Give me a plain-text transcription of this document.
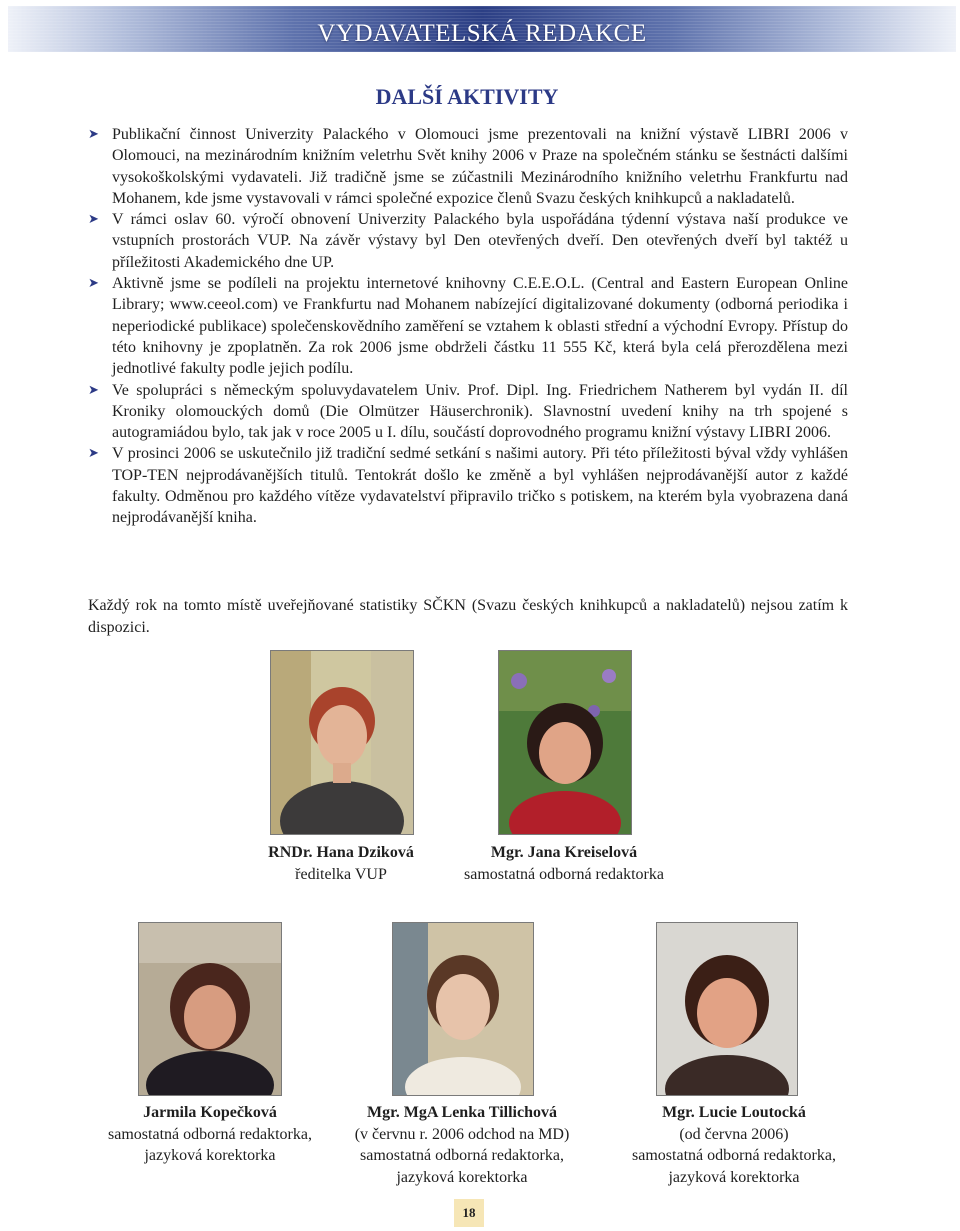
VYDAVATELSKÁ REDAKCE
DALŠÍ AKTIVITY
➤ Publikační činnost Univerzity Palackého v Olomouci jsme prezentovali na knižní výstavě LIBRI 2006 v Olomouci, na mezinárodním knižním veletrhu Svět knihy 2006 v Praze na společném stánku se šestnácti dalšími vysokoškolskými vydavateli. Již tradičně jsme se zúčastnili Mezinárodního knižního veletrhu Frankfurtu nad Mohanem, kde jsme vystavovali v rámci společné expozice členů Svazu českých knihkupců a nakladatelů.
➤ V rámci oslav 60. výročí obnovení Univerzity Palackého byla uspořádána týdenní výstava naší produkce ve vstupních prostorách VUP. Na závěr výstavy byl Den otevřených dveří. Den otevřených dveří byl taktéž u příležitosti Akademického dne UP.
➤ Aktivně jsme se podíleli na projektu internetové knihovny C.E.E.O.L. (Central and Eastern European Online Library; www.ceeol.com) ve Frankfurtu nad Mohanem nabízející digitalizované dokumenty (odborná periodika i neperiodické publikace) společenskovědního zaměření se vztahem k oblasti střední a východní Evropy. Přístup do této knihovny je zpoplatněn. Za rok 2006 jsme obdrželi částku 11 555 Kč, která byla celá přerozdělena mezi jednotlivé fakulty podle jejich podílu.
➤ Ve spolupráci s německým spoluvydavatelem Univ. Prof. Dipl. Ing. Friedrichem Natherem byl vydán II. díl Kroniky olomouckých domů (Die Olmützer Häuserchronik). Slavnostní uvedení knihy na trh spojené s autogramiádou bylo, tak jak v roce 2005 u I. dílu, součástí doprovodného programu knižní výstavy LIBRI 2006.
➤ V prosinci 2006 se uskutečnilo již tradiční sedmé setkání s našimi autory. Při této příležitosti býval vždy vyhlášen TOP-TEN nejprodávanějších titulů. Tentokrát došlo ke změně a byl vyhlášen nejprodávanější autor z každé fakulty. Odměnou pro každého vítěze vydavatelství připravilo tričko s potiskem, na kterém byla vyobrazena daná nejprodávanější kniha.
Každý rok na tomto místě uveřejňované statistiky SČKN (Svazu českých knihkupců a nakladatelů) nejsou zatím k dispozici.
RNDr. Hana Dziková
ředitelka VUP
Mgr. Jana Kreiselová
samostatná odborná redaktorka
Jarmila Kopečková
samostatná odborná redaktorka,
jazyková korektorka
Mgr. MgA Lenka Tillichová
(v červnu r. 2006 odchod na MD)
samostatná odborná redaktorka,
jazyková korektorka
Mgr. Lucie Loutocká
(od června 2006)
samostatná odborná redaktorka,
jazyková korektorka
18
